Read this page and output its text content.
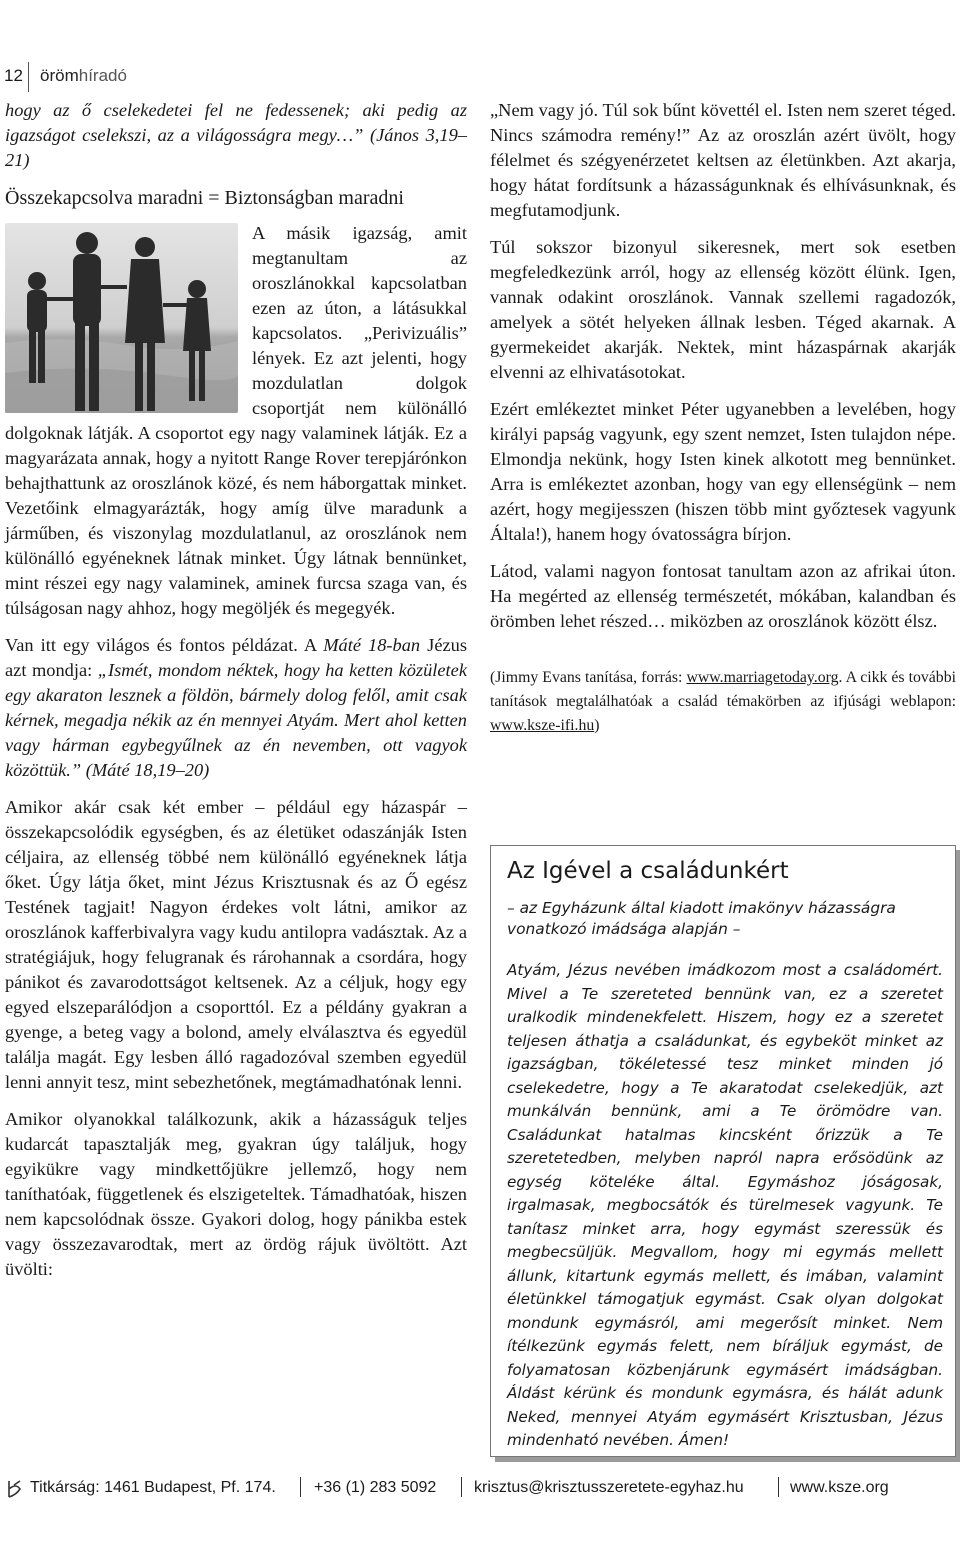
12 örömhíradó

hogy az ő cselekedetei fel ne fedessenek; aki pedig az igazságot cselekszi, az a világosságra megy…” (János 3,19–21)

Összekapcsolva maradni = Biztonságban maradni

A másik igazság, amit megtanultam az oroszlánokkal kapcsolatban ezen az úton, a látásukkal kapcsolatos. „Perivizuális” lények. Ez azt jelenti, hogy mozdulatlan dolgok csoportját nem különálló dolgoknak látják. A csoportot egy nagy valaminek látják. Ez a magyarázata annak, hogy a nyitott Range Rover terepjárónkon behajthattunk az oroszlánok közé, és nem háborgattak minket. Vezetőink elmagyarázták, hogy amíg ülve maradunk a járműben, és viszonylag mozdulatlanul, az oroszlánok nem különálló egyéneknek látnak minket. Úgy látnak bennünket, mint részei egy nagy valaminek, aminek furcsa szaga van, és túlságosan nagy ahhoz, hogy megöljék és megegyék.

Van itt egy világos és fontos példázat. A Máté 18-ban Jézus azt mondja: „Ismét, mondom néktek, hogy ha ketten közületek egy akaraton lesznek a földön, bármely dolog felől, amit csak kérnek, megadja nékik az én mennyei Atyám. Mert ahol ketten vagy hárman egybegyűlnek az én nevemben, ott vagyok közöttük.” (Máté 18,19–20)

Amikor akár csak két ember – például egy házaspár – összekapcsolódik egységben, és az életüket odaszánják Isten céljaira, az ellenség többé nem különálló egyéneknek látja őket. Úgy látja őket, mint Jézus Krisztusnak és az Ő egész Testének tagjait! Nagyon érdekes volt látni, amikor az oroszlánok kafferbivalyra vagy kudu antilopra vadásztak. Az a stratégiájuk, hogy felugranak és rárohannak a csordára, hogy pánikot és zavarodottságot keltsenek. Az a céljuk, hogy egy egyed elszeparálódjon a csoporttól. Ez a példány gyakran a gyenge, a beteg vagy a bolond, amely elválasztva és egyedül találja magát. Egy lesben álló ragadozóval szemben egyedül lenni annyit tesz, mint sebezhetőnek, megtámadhatónak lenni.

Amikor olyanokkal találkozunk, akik a házasságuk teljes kudarcát tapasztalják meg, gyakran úgy találjuk, hogy egyikükre vagy mindkettőjükre jellemző, hogy nem taníthatóak, függetlenek és elszigeteltek. Támadhatóak, hiszen nem kapcsolódnak össze. Gyakori dolog, hogy pánikba estek vagy összezavarodtak, mert az ördög rájuk üvöltött. Azt üvölti:

„Nem vagy jó. Túl sok bűnt követtél el. Isten nem szeret téged. Nincs számodra remény!” Az az oroszlán azért üvölt, hogy félelmet és szégyenérzetet keltsen az életünkben. Azt akarja, hogy hátat fordítsunk a házasságunknak és elhívásunknak, és megfutamodjunk.

Túl sokszor bizonyul sikeresnek, mert sok esetben megfeledkezünk arról, hogy az ellenség között élünk. Igen, vannak odakint oroszlánok. Vannak szellemi ragadozók, amelyek a sötét helyeken állnak lesben. Téged akarnak. A gyermekeidet akarják. Nektek, mint házaspárnak akarják elvenni az elhivatásotokat.

Ezért emlékeztet minket Péter ugyanebben a levelében, hogy királyi papság vagyunk, egy szent nemzet, Isten tulajdon népe. Elmondja nekünk, hogy Isten kinek alkotott meg bennünket. Arra is emlékeztet azonban, hogy van egy ellenségünk – nem azért, hogy megijesszen (hiszen több mint győztesek vagyunk Általa!), hanem hogy óvatosságra bírjon.

Látod, valami nagyon fontosat tanultam azon az afrikai úton. Ha megérted az ellenség természetét, mókában, kalandban és örömben lehet részed… miközben az oroszlánok között élsz.

(Jimmy Evans tanítása, forrás: www.marriagetoday.org. A cikk és további tanítások megtalálhatóak a család témakörben az ifjúsági weblapon: www.ksze-ifi.hu)
Az Igével a családunkért
– az Egyházunk által kiadott imakönyv házasságra vonatkozó imádsága alapján –
Atyám, Jézus nevében imádkozom most a családomért. Mivel a Te szereteted bennünk van, ez a szeretet uralkodik mindenekfelett. Hiszem, hogy ez a szeretet teljesen áthatja a családunkat, és egybeköt minket az igazságban, tökéletessé tesz minket minden jó cselekedetre, hogy a Te akaratodat cselekedjük, azt munkálván bennünk, ami a Te örömödre van. Családunkat hatalmas kincsként őrizzük a Te szeretetedben, melyben napról napra erősödünk az egység köteléke által. Egymáshoz jóságosak, irgalmasak, megbocsátók és türelmesek vagyunk. Te tanítasz minket arra, hogy egymást szeressük és megbecsüljük. Megvallom, hogy mi egymás mellett állunk, kitartunk egymás mellett, és imában, valamint életünkkel támogatjuk egymást. Csak olyan dolgokat mondunk egymásról, ami megerősít minket. Nem ítélkezünk egymás felett, nem bíráljuk egymást, de folyamatosan közbenjárunk egymásért imádságban. Áldást kérünk és mondunk egymásra, és hálát adunk Neked, mennyei Atyám egymásért Krisztusban, Jézus mindenható nevében. Ámen!
Titkárság: 1461 Budapest, Pf. 174. +36 (1) 283 5092 krisztus@krisztusszeretete-egyhaz.hu	www.ksze.org
